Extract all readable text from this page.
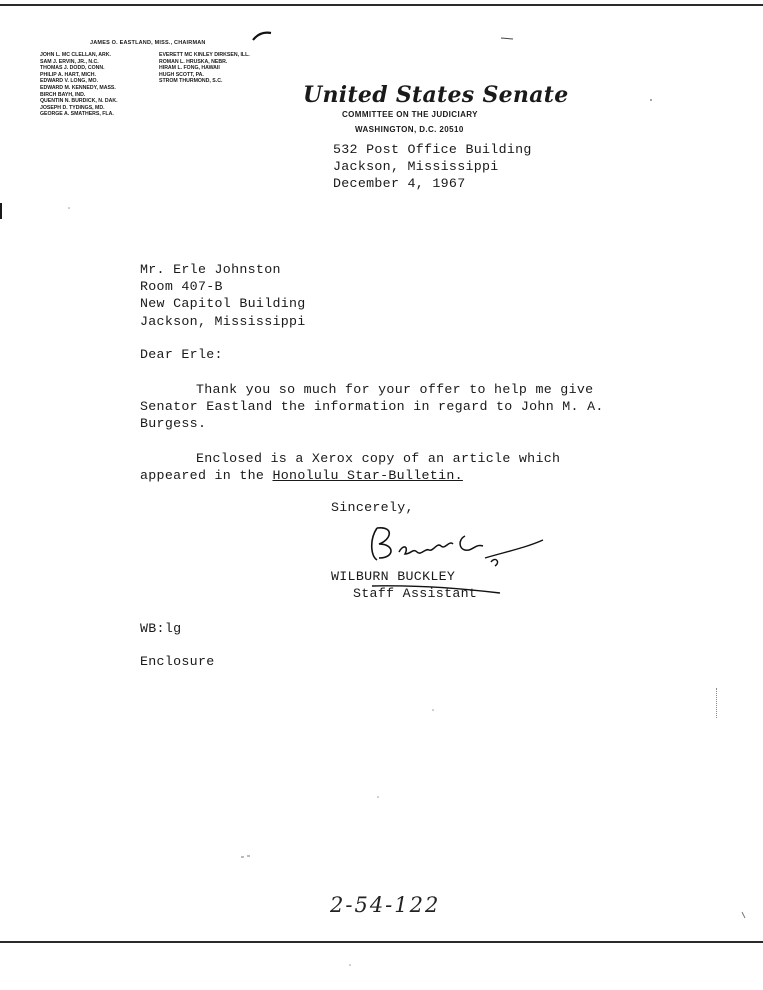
JAMES O. EASTLAND, MISS., CHAIRMAN
JOHN L. MC CLELLAN, ARK.
SAM J. ERVIN, JR., N.C.
THOMAS J. DODD, CONN.
PHILIP A. HART, MICH.
EDWARD V. LONG, MO.
EDWARD M. KENNEDY, MASS.
BIRCH BAYH, IND.
QUENTIN N. BURDICK, N. DAK.
JOSEPH D. TYDINGS, MD.
GEORGE A. SMATHERS, FLA.
EVERETT MC KINLEY DIRKSEN, ILL.
ROMAN L. HRUSKA, NEBR.
HIRAM L. FONG, HAWAII
HUGH SCOTT, PA.
STROM THURMOND, S.C.
United States Senate
COMMITTEE ON THE JUDICIARY
WASHINGTON, D.C. 20510
532 Post Office Building
Jackson, Mississippi
December 4, 1967
Mr. Erle Johnston
Room 407-B
New Capitol Building
Jackson, Mississippi
Dear Erle:
Thank you so much for your offer to help me give
Senator Eastland the information in regard to John M. A.
Burgess.
Enclosed is a Xerox copy of an article which
appeared in the Honolulu Star-Bulletin.
Sincerely,
WILBURN BUCKLEY
Staff Assistant
WB:lg
Enclosure
2-54-122
